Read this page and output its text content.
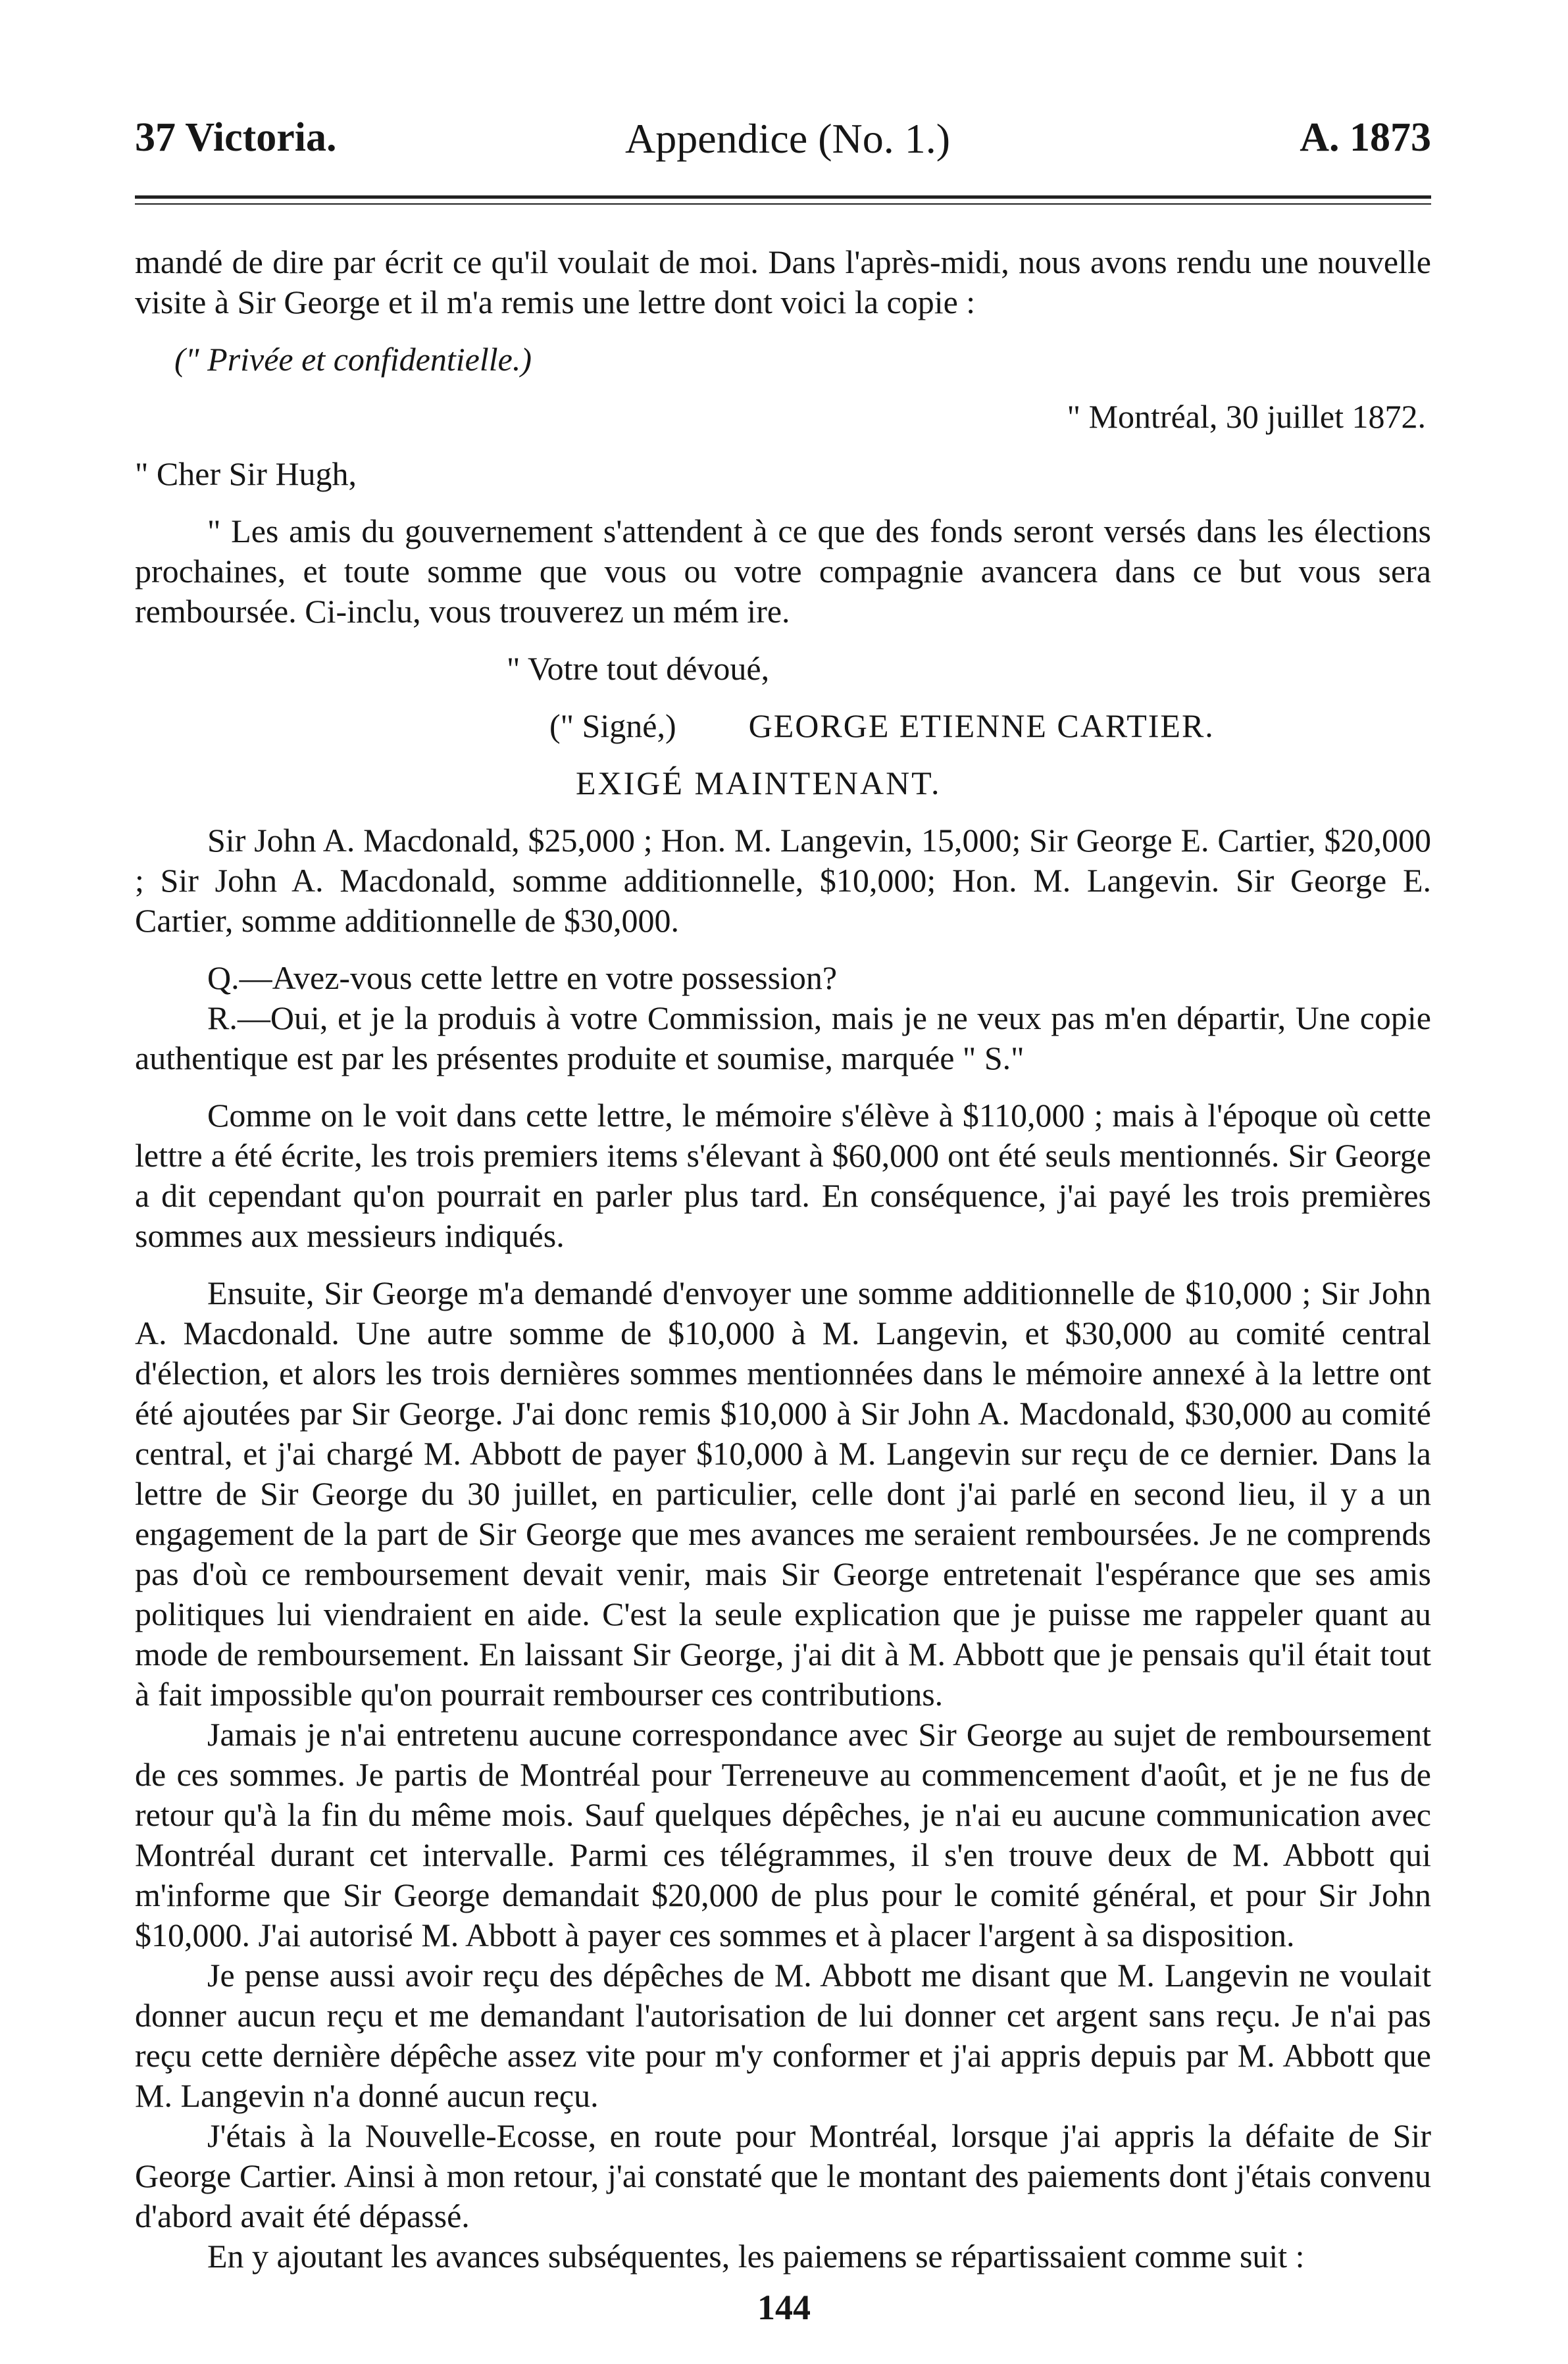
37 Victoria.	Appendice (No. 1.)	A. 1873

mandé de dire par écrit ce qu'il voulait de moi. Dans l'après-midi, nous avons rendu une nouvelle visite à Sir George et il m'a remis une lettre dont voici la copie :

(" Privée et confidentielle.)

" Montréal, 30 juillet 1872.

" Cher Sir Hugh,

" Les amis du gouvernement s'attendent à ce que des fonds seront versés dans les élections prochaines, et toute somme que vous ou votre compagnie avancera dans ce but vous sera remboursée. Ci-inclu, vous trouverez un mém ire.

" Votre tout dévoué,

(" Signé,) GEORGE ETIENNE CARTIER.

EXIGÉ MAINTENANT.

Sir John A. Macdonald, $25,000 ; Hon. M. Langevin, 15,000; Sir George E. Cartier, $20,000 ; Sir John A. Macdonald, somme additionnelle, $10,000; Hon. M. Langevin. Sir George E. Cartier, somme additionnelle de $30,000.

Q.—Avez-vous cette lettre en votre possession?

R.—Oui, et je la produis à votre Commission, mais je ne veux pas m'en départir, Une copie authentique est par les présentes produite et soumise, marquée " S."

Comme on le voit dans cette lettre, le mémoire s'élève à $110,000 ; mais à l'époque où cette lettre a été écrite, les trois premiers items s'élevant à $60,000 ont été seuls mentionnés. Sir George a dit cependant qu'on pourrait en parler plus tard. En conséquence, j'ai payé les trois premières sommes aux messieurs indiqués.

Ensuite, Sir George m'a demandé d'envoyer une somme additionnelle de $10,000 ; Sir John A. Macdonald. Une autre somme de $10,000 à M. Langevin, et $30,000 au comité central d'élection, et alors les trois dernières sommes mentionnées dans le mémoire annexé à la lettre ont été ajoutées par Sir George. J'ai donc remis $10,000 à Sir John A. Macdonald, $30,000 au comité central, et j'ai chargé M. Abbott de payer $10,000 à M. Langevin sur reçu de ce dernier. Dans la lettre de Sir George du 30 juillet, en particulier, celle dont j'ai parlé en second lieu, il y a un engagement de la part de Sir George que mes avances me seraient remboursées. Je ne comprends pas d'où ce remboursement devait venir, mais Sir George entretenait l'espérance que ses amis politiques lui viendraient en aide. C'est la seule explication que je puisse me rappeler quant au mode de remboursement. En laissant Sir George, j'ai dit à M. Abbott que je pensais qu'il était tout à fait impossible qu'on pourrait rembourser ces contributions.

Jamais je n'ai entretenu aucune correspondance avec Sir George au sujet de remboursement de ces sommes. Je partis de Montréal pour Terreneuve au commencement d'août, et je ne fus de retour qu'à la fin du même mois. Sauf quelques dépêches, je n'ai eu aucune communication avec Montréal durant cet intervalle. Parmi ces télégrammes, il s'en trouve deux de M. Abbott qui m'informe que Sir George demandait $20,000 de plus pour le comité général, et pour Sir John $10,000. J'ai autorisé M. Abbott à payer ces sommes et à placer l'argent à sa disposition.

Je pense aussi avoir reçu des dépêches de M. Abbott me disant que M. Langevin ne voulait donner aucun reçu et me demandant l'autorisation de lui donner cet argent sans reçu. Je n'ai pas reçu cette dernière dépêche assez vite pour m'y conformer et j'ai appris depuis par M. Abbott que M. Langevin n'a donné aucun reçu.

J'étais à la Nouvelle-Ecosse, en route pour Montréal, lorsque j'ai appris la défaite de Sir George Cartier. Ainsi à mon retour, j'ai constaté que le montant des paiements dont j'étais convenu d'abord avait été dépassé.

En y ajoutant les avances subséquentes, les paiemens se répartissaient comme suit :

144
